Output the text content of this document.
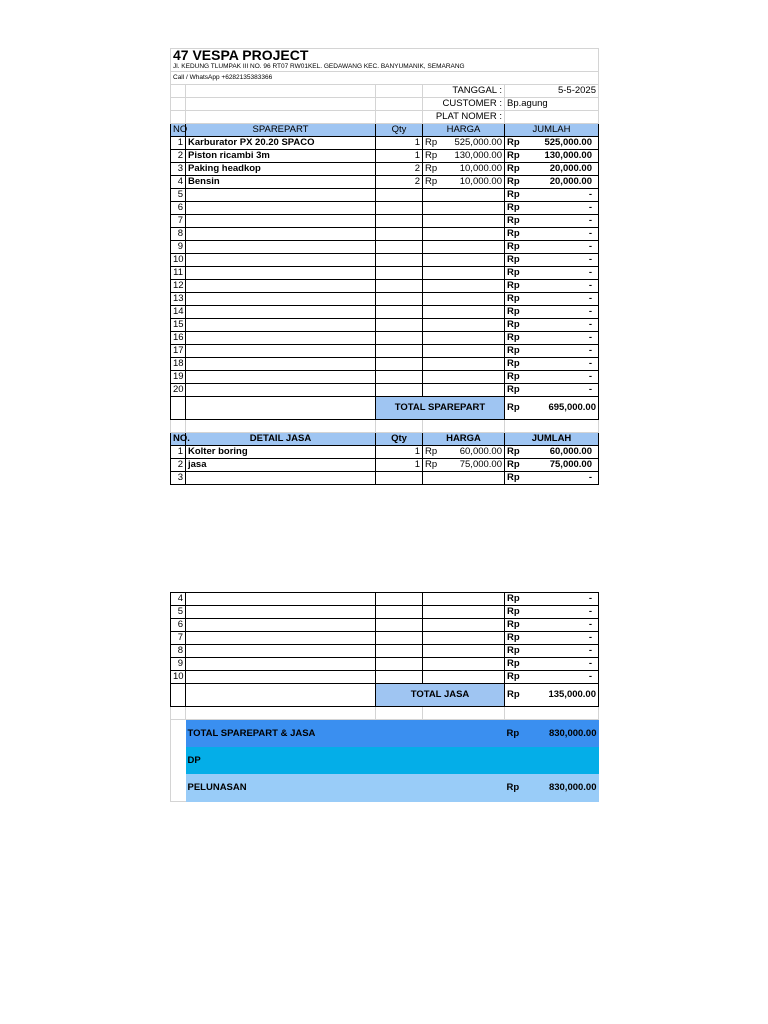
47 VESPA PROJECT				
Jl. KEDUNG TLUMPAK III NO. 96 RT07 RW01KEL. GEDAWANG KEC. BANYUMANIK, SEMARANG				
Call / WhatsApp +6282135383366				
			TANGGAL :	5-5-2025
			CUSTOMER :	Bp.agung
			PLAT NOMER :	
NO	SPAREPART	Qty	HARGA	JUMLAH
1	Karburator PX 20.20 SPACO	1	Rp 525,000.00	Rp 525,000.00

2	Piston ricambi 3m	1	Rp 130,000.00	Rp 130,000.00

3	Paking headkop	2	Rp 10,000.00	Rp 20,000.00

4	Bensin	2	Rp 10,000.00	Rp 20,000.00

5				Rp -

6				Rp -

7				Rp -

8				Rp -

9				Rp -

10				Rp -

11				Rp -

12				Rp -

13				Rp -

14				Rp -

15				Rp -

16				Rp -

17				Rp -

18				Rp -

19				Rp -

20				Rp -

		TOTAL SPAREPART		Rp 695,000.00

NO.	DETAIL JASA	Qty	HARGA	JUMLAH
1	Kolter boring	1	Rp 60,000.00	Rp 60,000.00

2	jasa	1	Rp 75,000.00	Rp 75,000.00

3				Rp -
4				Rp -

5				Rp -

6				Rp -

7				Rp -

8				Rp -

9				Rp -

10				Rp -

		TOTAL JASA		Rp 135,000.00

	TOTAL SPAREPART & JASA			Rp 830,000.00

	DP			
	PELUNASAN			Rp 830,000.00
